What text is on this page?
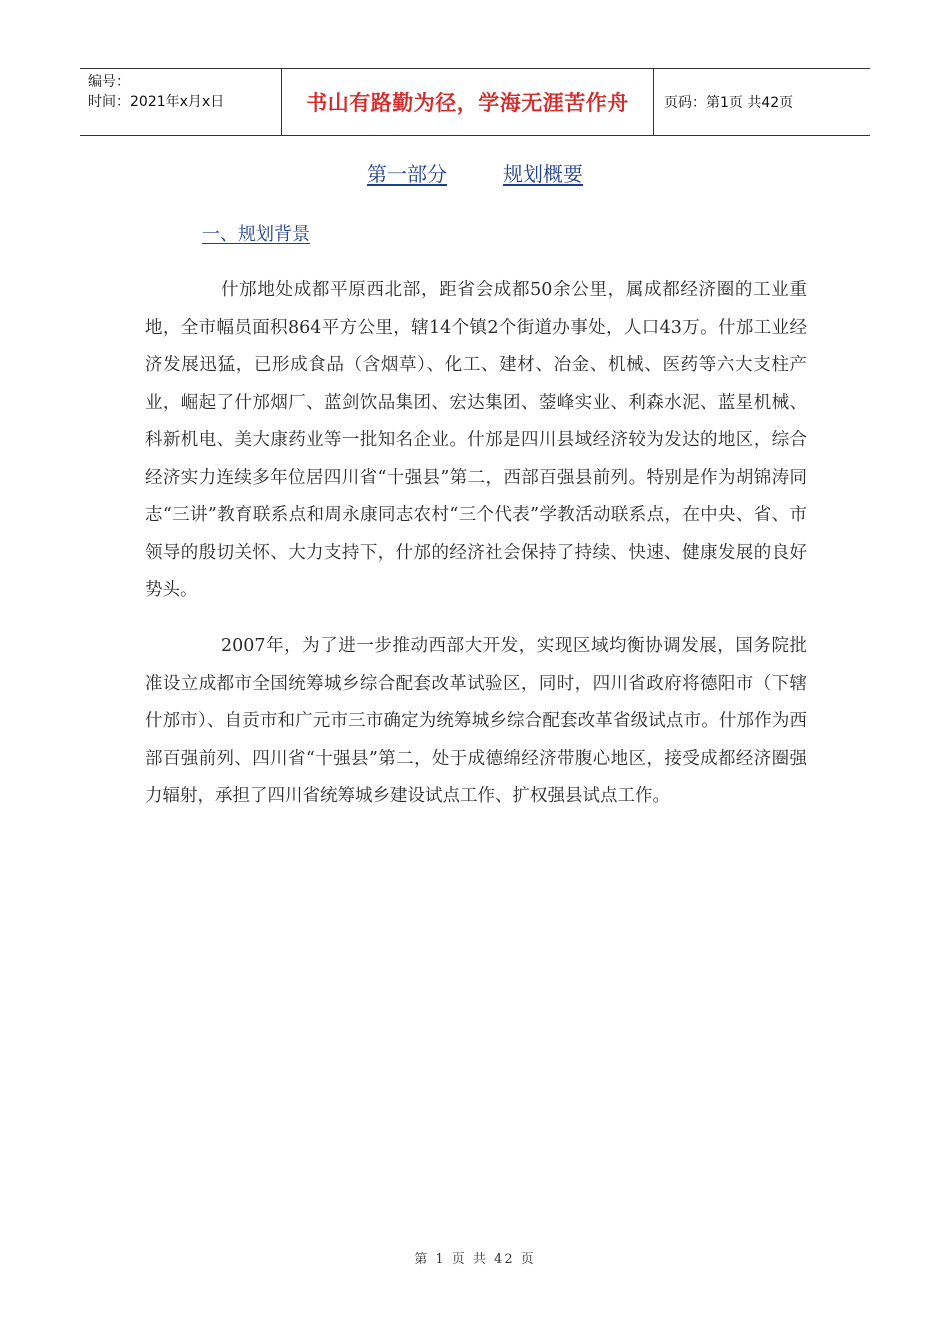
编号：
时间：2021年x月x日	书山有路勤为径，学海无涯苦作舟	页码：第1页 共42页
第一部分	规划概要
一、规划背景

什邡地处成都平原西北部，距省会成都50余公里，属成都经济圈的工业重地，全市幅员面积864平方公里，辖14个镇2个街道办事处，人口43万。什邡工业经济发展迅猛，已形成食品（含烟草）、化工、建材、冶金、机械、医药等六大支柱产业，崛起了什邡烟厂、蓝剑饮品集团、宏达集团、蓥峰实业、利森水泥、蓝星机械、科新机电、美大康药业等一批知名企业。什邡是四川县域经济较为发达的地区，综合经济实力连续多年位居四川省“十强县”第二，西部百强县前列。特别是作为胡锦涛同志“三讲”教育联系点和周永康同志农村“三个代表”学教活动联系点，在中央、省、市领导的殷切关怀、大力支持下，什邡的经济社会保持了持续、快速、健康发展的良好势头。

2007年，为了进一步推动西部大开发，实现区域均衡协调发展，国务院批准设立成都市全国统筹城乡综合配套改革试验区，同时，四川省政府将德阳市（下辖什邡市）、自贡市和广元市三市确定为统筹城乡综合配套改革省级试点市。什邡作为西部百强前列、四川省“十强县”第二，处于成德绵经济带腹心地区，接受成都经济圈强力辐射，承担了四川省统筹城乡建设试点工作、扩权强县试点工作。

第 1 页 共 42 页
